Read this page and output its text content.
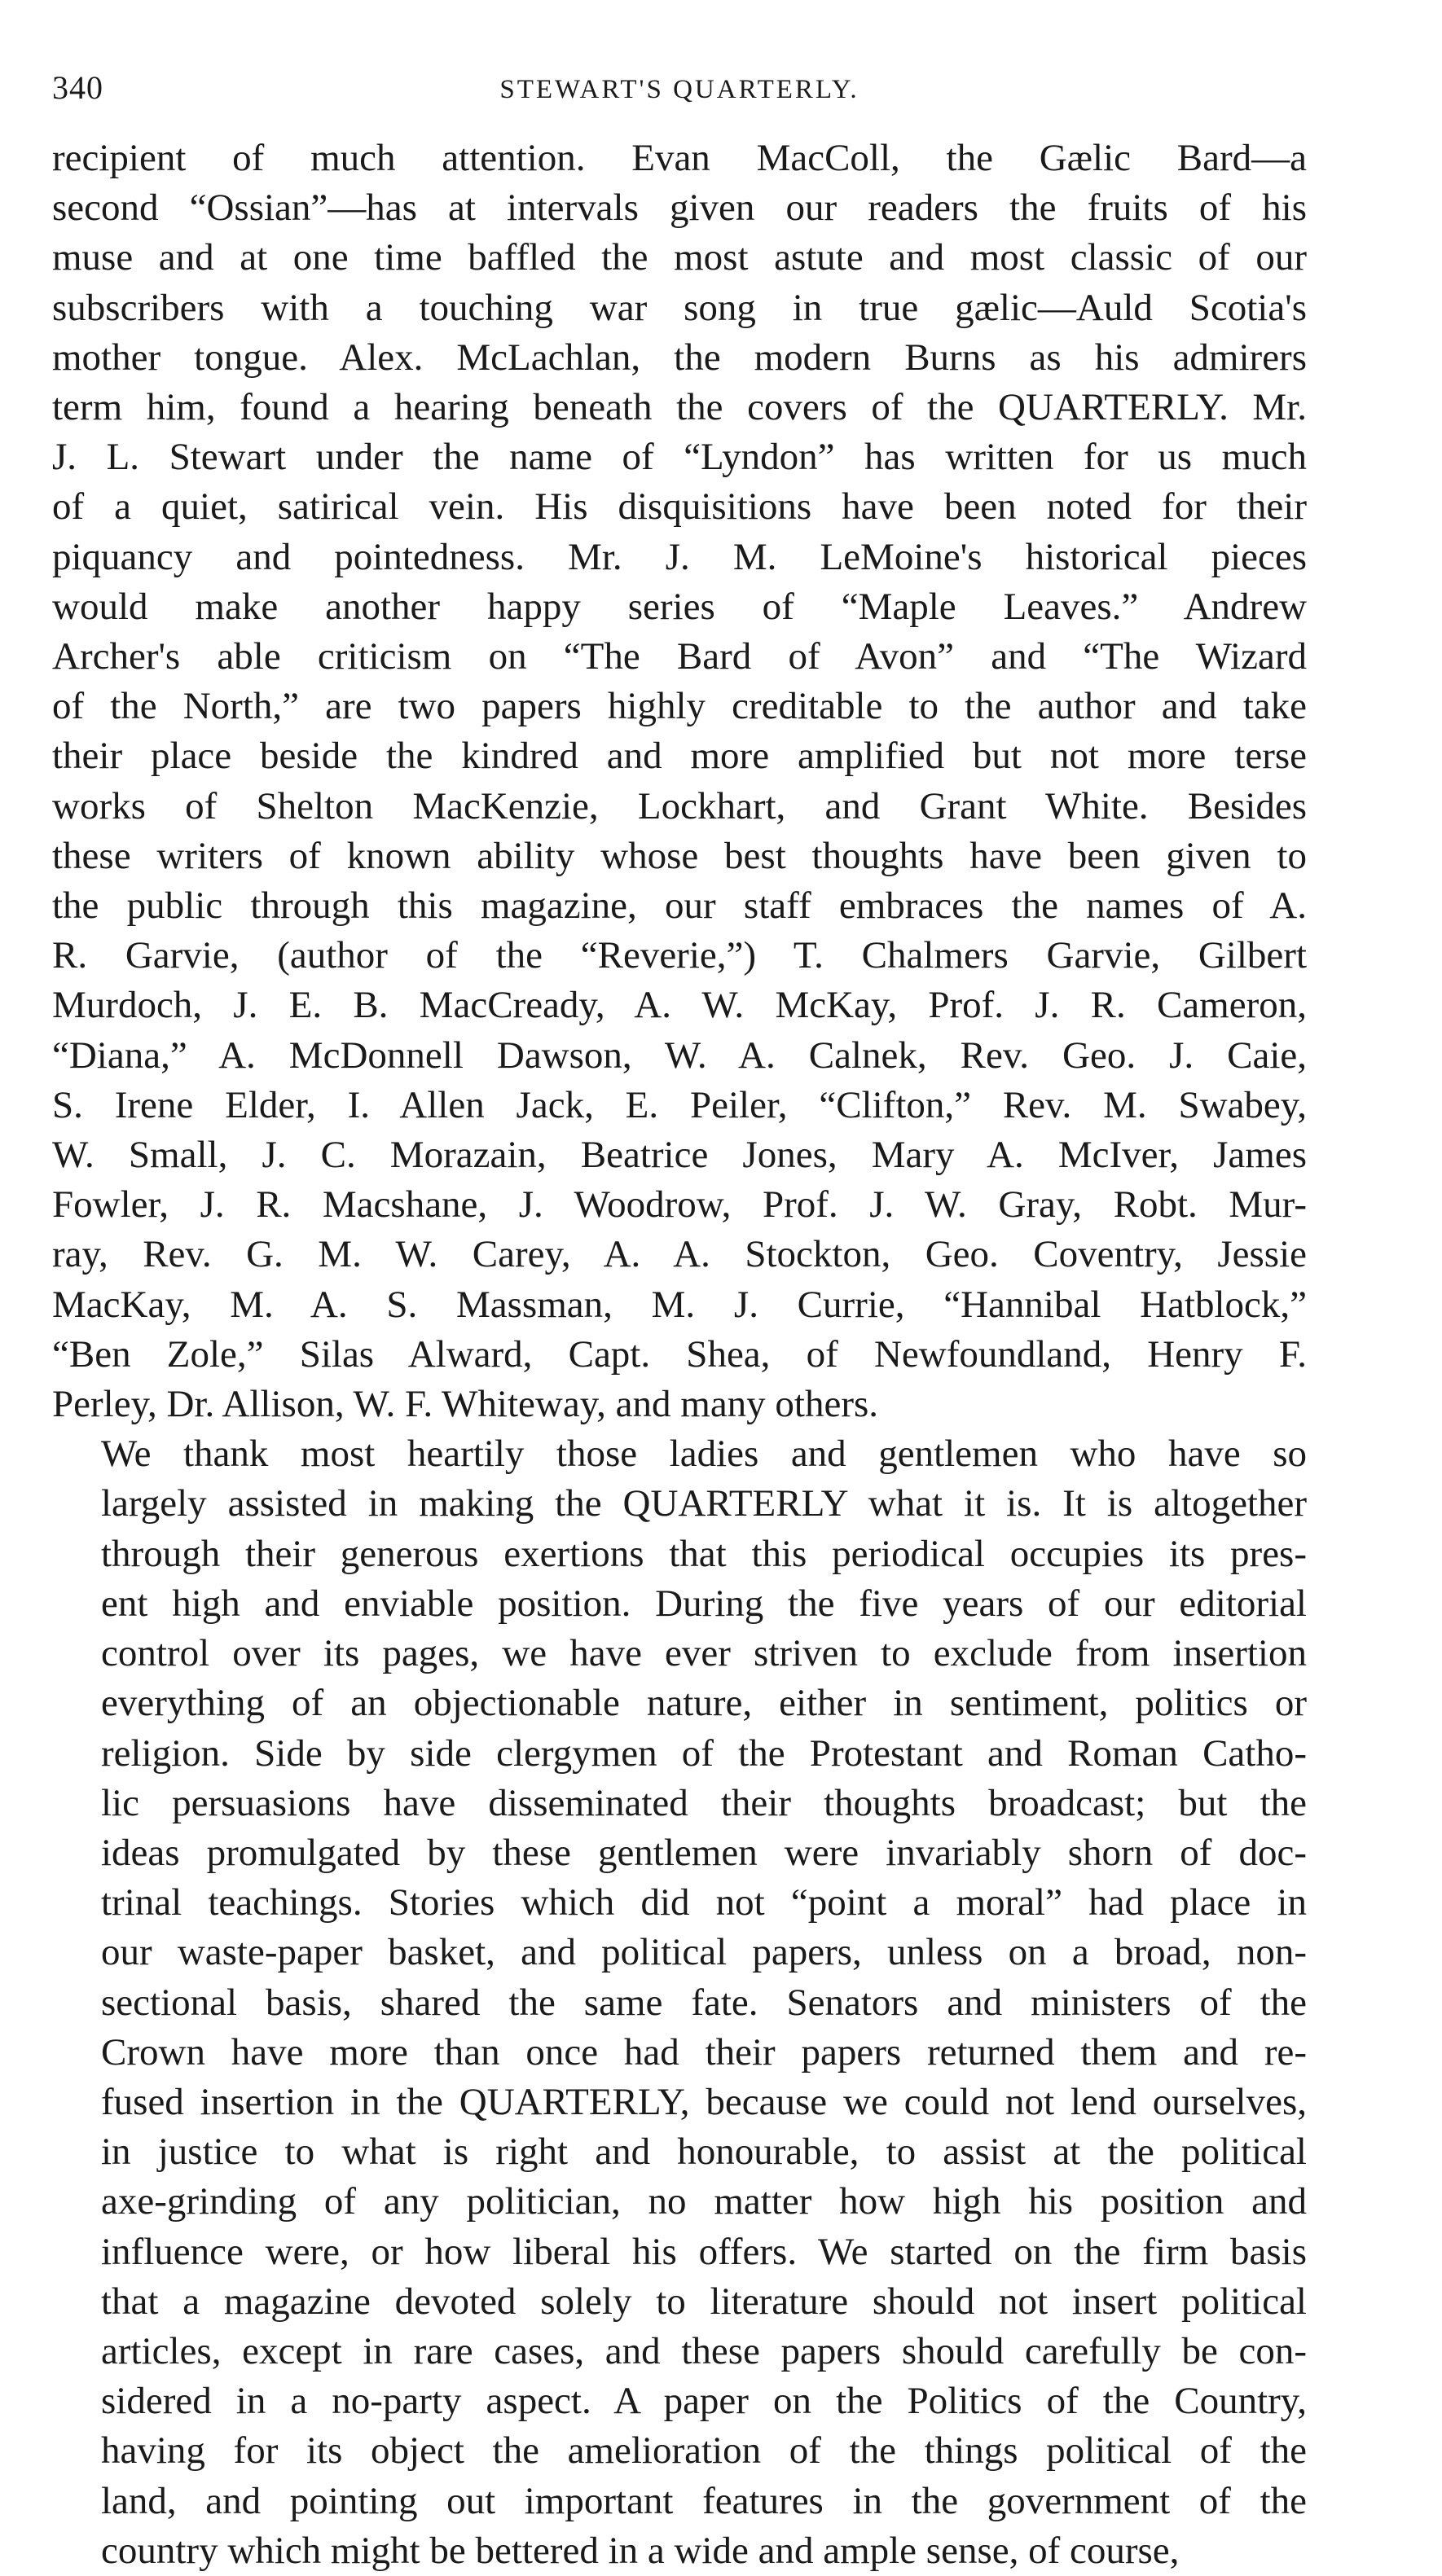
340	STEWART'S QUARTERLY.

recipient of much attention. Evan MacColl, the Gælic Bard—a
second “Ossian”—has at intervals given our readers the fruits of his
muse and at one time baffled the most astute and most classic of our
subscribers with a touching war song in true gælic—Auld Scotia's
mother tongue. Alex. McLachlan, the modern Burns as his admirers
term him, found a hearing beneath the covers of the QUARTERLY. Mr.
J. L. Stewart under the name of “Lyndon” has written for us much
of a quiet, satirical vein. His disquisitions have been noted for their
piquancy and pointedness. Mr. J. M. LeMoine's historical pieces
would make another happy series of “Maple Leaves.” Andrew
Archer's able criticism on “The Bard of Avon” and “The Wizard
of the North,” are two papers highly creditable to the author and take
their place beside the kindred and more amplified but not more terse
works of Shelton MacKenzie, Lockhart, and Grant White. Besides
these writers of known ability whose best thoughts have been given to
the public through this magazine, our staff embraces the names of A.
R. Garvie, (author of the “Reverie,”) T. Chalmers Garvie, Gilbert
Murdoch, J. E. B. MacCready, A. W. McKay, Prof. J. R. Cameron,
“Diana,” A. McDonnell Dawson, W. A. Calnek, Rev. Geo. J. Caie,
S. Irene Elder, I. Allen Jack, E. Peiler, “Clifton,” Rev. M. Swabey,
W. Small, J. C. Morazain, Beatrice Jones, Mary A. McIver, James
Fowler, J. R. Macshane, J. Woodrow, Prof. J. W. Gray, Robt. Mur-
ray, Rev. G. M. W. Carey, A. A. Stockton, Geo. Coventry, Jessie
MacKay, M. A. S. Massman, M. J. Currie, “Hannibal Hatblock,”
“Ben Zole,” Silas Alward, Capt. Shea, of Newfoundland, Henry F.
Perley, Dr. Allison, W. F. Whiteway, and many others.

We thank most heartily those ladies and gentlemen who have so
largely assisted in making the QUARTERLY what it is. It is altogether
through their generous exertions that this periodical occupies its pres-
ent high and enviable position. During the five years of our editorial
control over its pages, we have ever striven to exclude from insertion
everything of an objectionable nature, either in sentiment, politics or
religion. Side by side clergymen of the Protestant and Roman Catho-
lic persuasions have disseminated their thoughts broadcast; but the
ideas promulgated by these gentlemen were invariably shorn of doc-
trinal teachings. Stories which did not “point a moral” had place in
our waste-paper basket, and political papers, unless on a broad, non-
sectional basis, shared the same fate. Senators and ministers of the
Crown have more than once had their papers returned them and re-
fused insertion in the QUARTERLY, because we could not lend ourselves,
in justice to what is right and honourable, to assist at the political
axe-grinding of any politician, no matter how high his position and
influence were, or how liberal his offers. We started on the firm basis
that a magazine devoted solely to literature should not insert political
articles, except in rare cases, and these papers should carefully be con-
sidered in a no-party aspect. A paper on the Politics of the Country,
having for its object the amelioration of the things political of the
land, and pointing out important features in the government of the
country which might be bettered in a wide and ample sense, of course,
